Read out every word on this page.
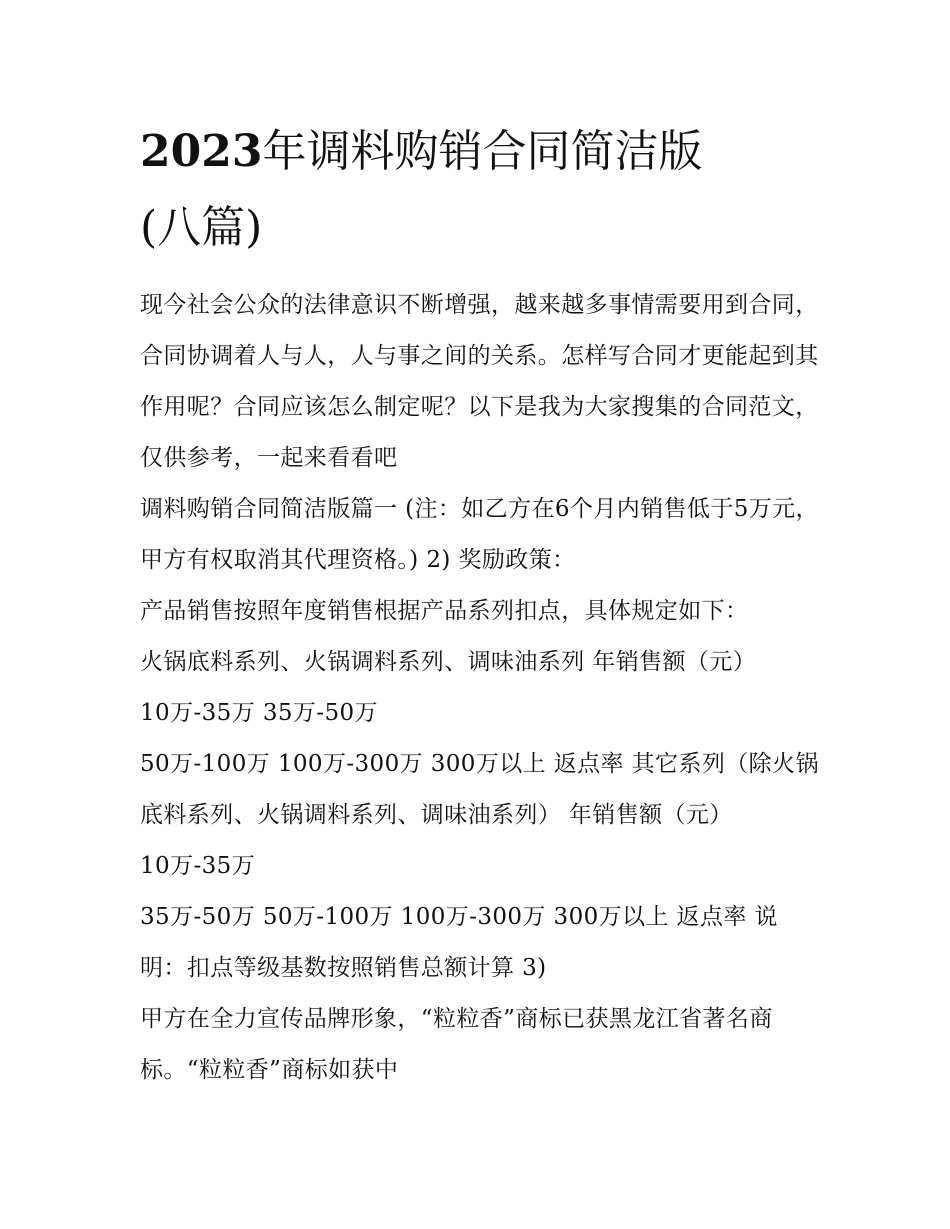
2023年调料购销合同简洁版
(八篇)

现今社会公众的法律意识不断增强，越来越多事情需要用到合同，合同协调着人与人，人与事之间的关系。怎样写合同才更能起到其作用呢？合同应该怎么制定呢？以下是我为大家搜集的合同范文，仅供参考，一起来看看吧

调料购销合同简洁版篇一 (注：如乙方在6个月内销售低于5万元，甲方有权取消其代理资格。) 2) 奖励政策：

产品销售按照年度销售根据产品系列扣点，具体规定如下：

火锅底料系列、火锅调料系列、调味油系列 年销售额（元）

10万-35万 35万-50万

50万-100万 100万-300万 300万以上 返点率 其它系列（除火锅底料系列、火锅调料系列、调味油系列） 年销售额（元）

10万-35万

35万-50万 50万-100万 100万-300万 300万以上 返点率 说明：扣点等级基数按照销售总额计算 3)

甲方在全力宣传品牌形象，“粒粒香”商标已获黑龙江省著名商标。“粒粒香”商标如获中
